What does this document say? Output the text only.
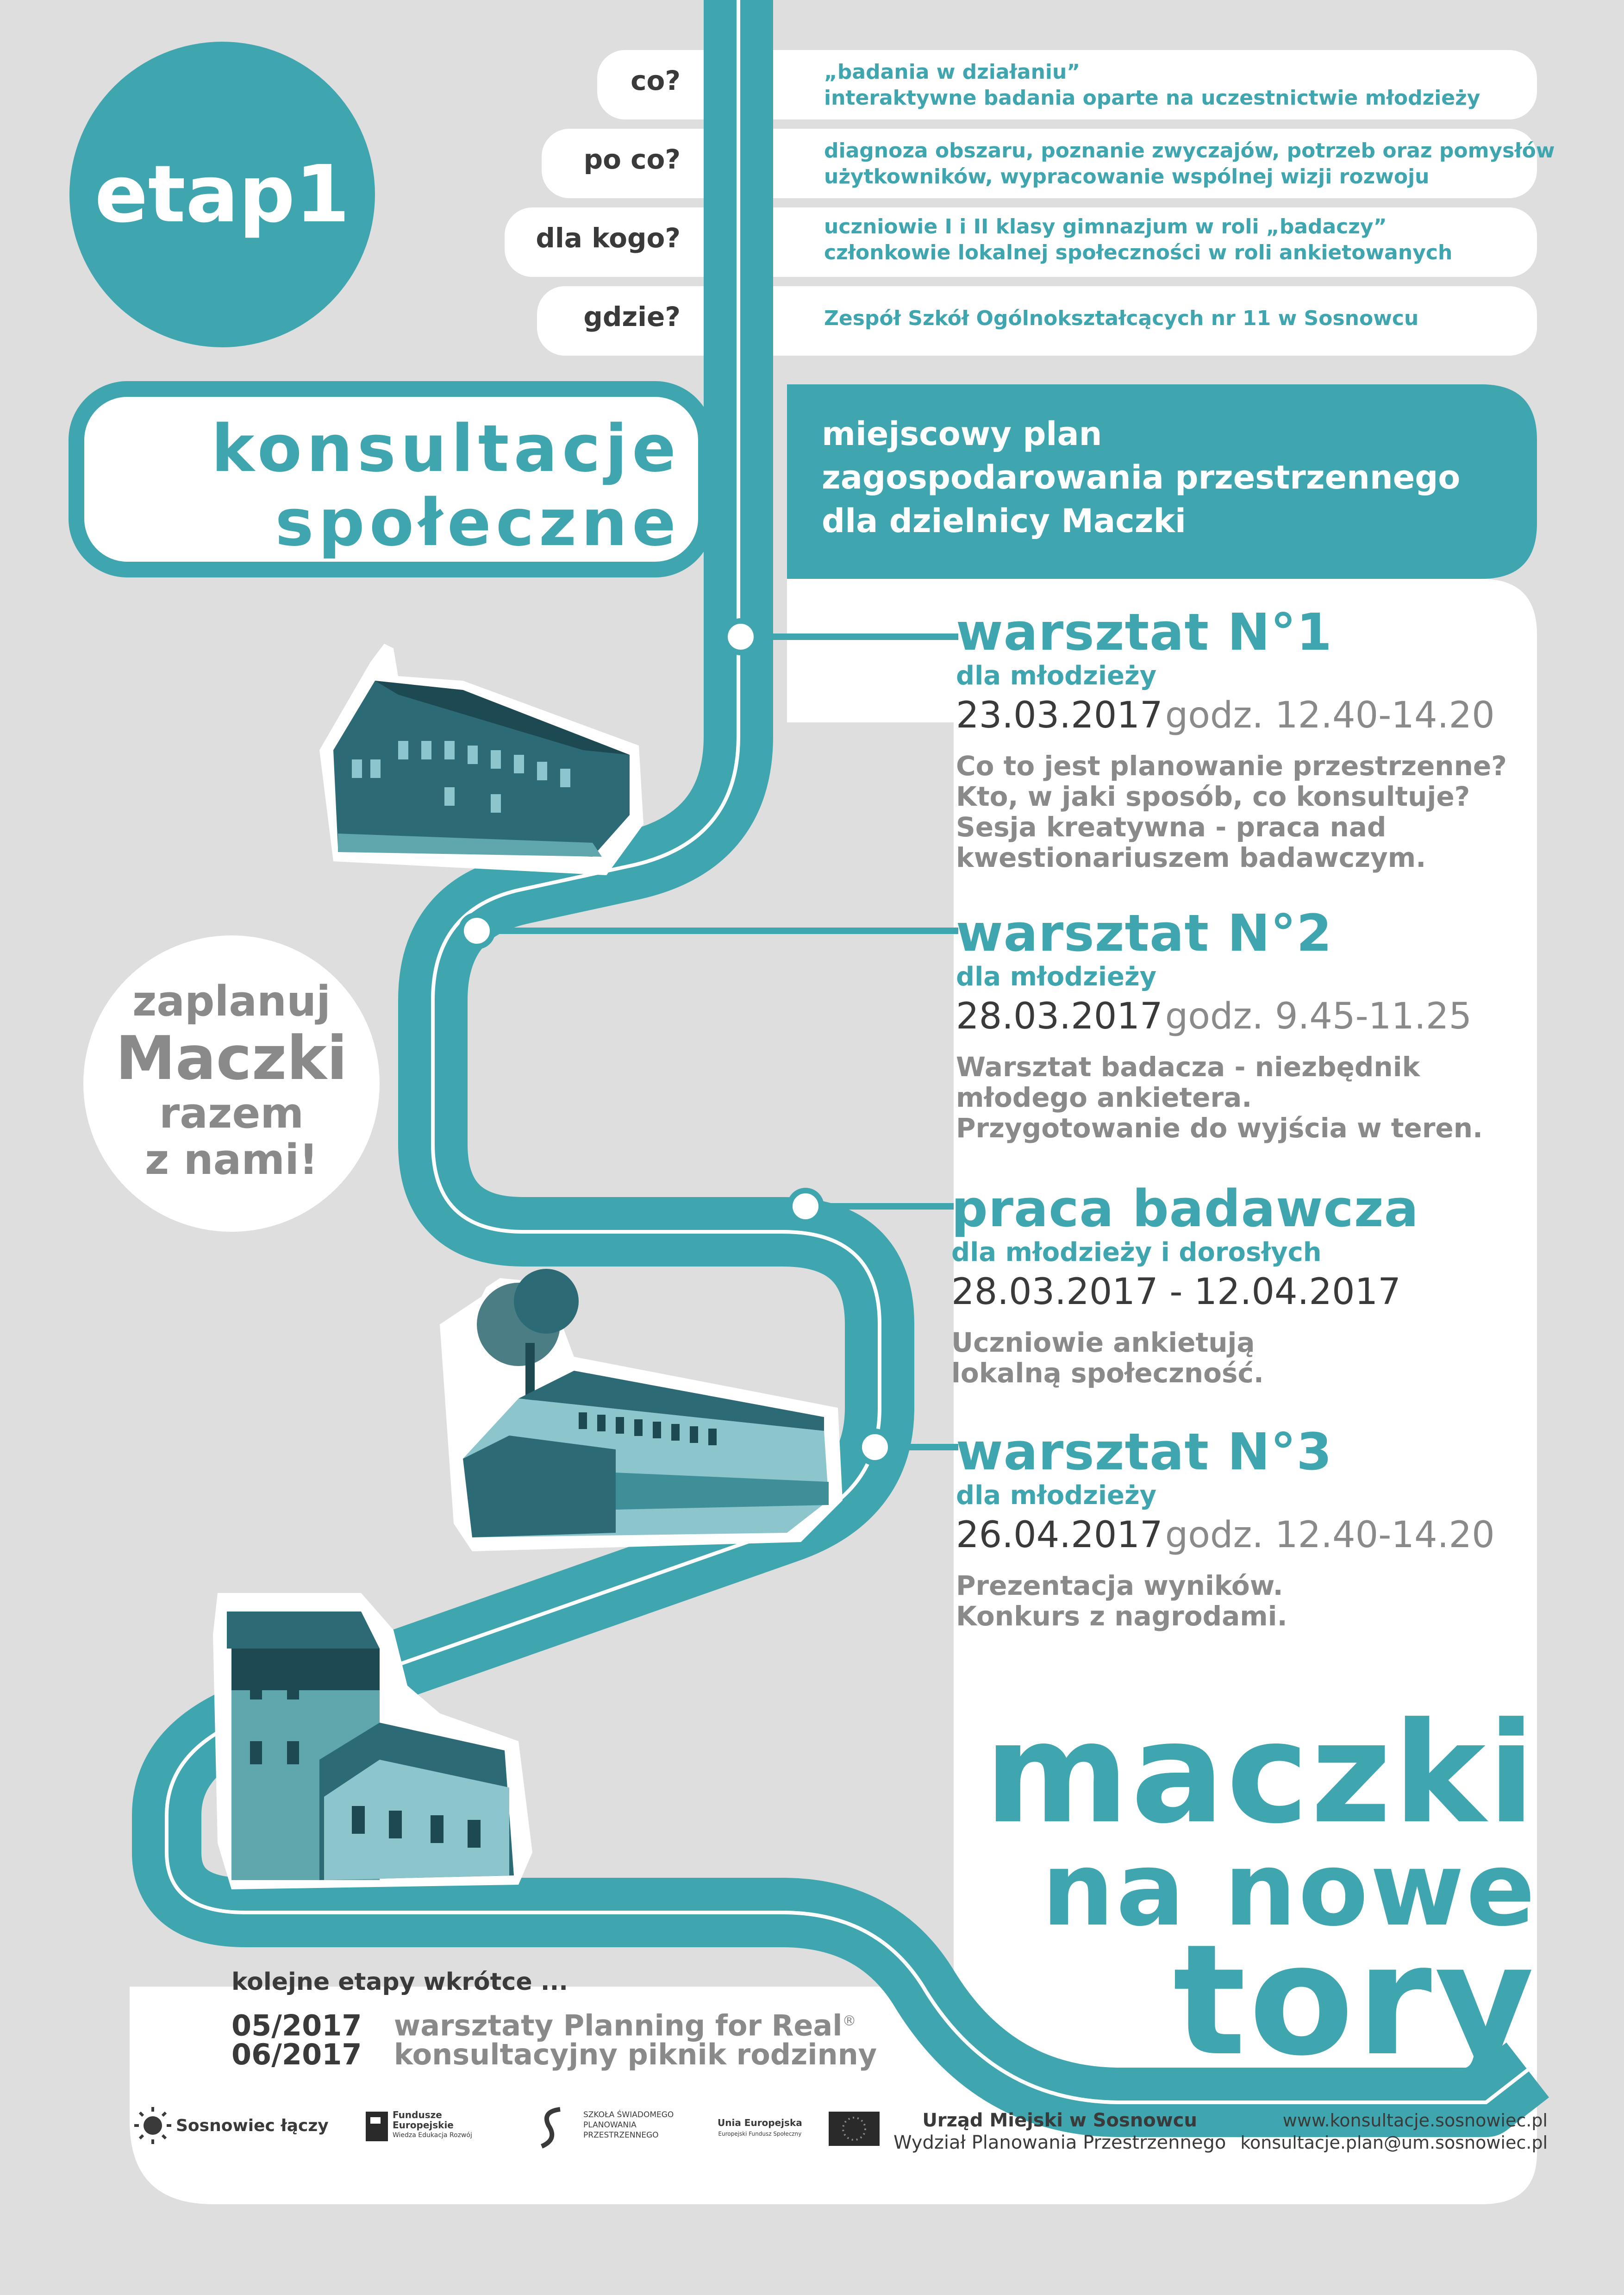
etap1
co?
po co?
dla kogo?
gdzie?
„badania w działaniu”
interaktywne badania oparte na uczestnictwie młodzieży
diagnoza obszaru, poznanie zwyczajów, potrzeb oraz pomysłów
użytkowników, wypracowanie wspólnej wizji rozwoju
uczniowie I i II klasy gimnazjum w roli „badaczy”
członkowie lokalnej społeczności w roli ankietowanych
Zespół Szkół Ogólnokształcących nr 11 w Sosnowcu
konsultacje
społeczne
miejscowy plan
zagospodarowania przestrzennego
dla dzielnicy Maczki
warsztat N°1
dla młodzieży
23.03.2017 godz. 12.40-14.20
Co to jest planowanie przestrzenne?
Kto, w jaki sposób, co konsultuje?
Sesja kreatywna - praca nad
kwestionariuszem badawczym.
warsztat N°2
dla młodzieży
28.03.2017 godz. 9.45-11.25
Warsztat badacza - niezbędnik
młodego ankietera.
Przygotowanie do wyjścia w teren.
praca badawcza
dla młodzieży i dorosłych
28.03.2017 - 12.04.2017
Uczniowie ankietują
lokalną społeczność.
warsztat N°3
dla młodzieży
26.04.2017 godz. 12.40-14.20
Prezentacja wyników.
Konkurs z nagrodami.
zaplanuj
Maczki
razem
z nami!
maczki
na nowe
tory
kolejne etapy wkrótce ...
05/2017 warsztaty Planning for Real®
06/2017 konsultacyjny piknik rodzinny
Sosnowiec łączy
Fundusze
Europejskie
Wiedza Edukacja Rozwój
SZKOŁA ŚWIADOMEGO
PLANOWANIA
PRZESTRZENNEGO
Unia Europejska
Europejski Fundusz Społeczny
Urząd Miejski w Sosnowcu
Wydział Planowania Przestrzennego
www.konsultacje.sosnowiec.pl
konsultacje.plan@um.sosnowiec.pl
